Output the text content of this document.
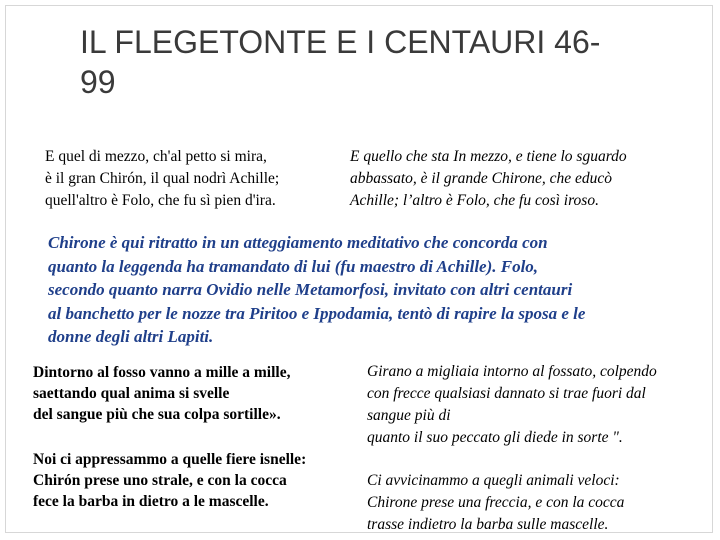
IL FLEGETONTE E I CENTAURI 46-
99

E quel di mezzo, ch'al petto si mira,
è il gran Chirón, il qual nodrì Achille;
quell'altro è Folo, che fu sì pien d'ira.

E quello che sta In mezzo, e tiene lo sguardo
abbassato, è il grande Chirone, che educò
Achille; l’altro è Folo, che fu così iroso.

Chirone è qui ritratto in un atteggiamento meditativo che concorda con
quanto la leggenda ha tramandato di lui (fu maestro di Achille). Folo,
secondo quanto narra Ovidio nelle Metamorfosi, invitato con altri centauri
al banchetto per le nozze tra Piritoo e Ippodamia, tentò di rapire la sposa e le
donne degli altri Lapiti.

Dintorno al fosso vanno a mille a mille,
saettando qual anima si svelle
del sangue più che sua colpa sortille».

Noi ci appressammo a quelle fiere isnelle:
Chirón prese uno strale, e con la cocca
fece la barba in dietro a le mascelle.

Girano a migliaia intorno al fossato, colpendo
con frecce qualsiasi dannato si trae fuori dal
sangue più di
quanto il suo peccato gli diede in sorte ".

Ci avvicinammo a quegli animali veloci:
Chirone prese una freccia, e con la cocca
trasse indietro la barba sulle mascelle.
